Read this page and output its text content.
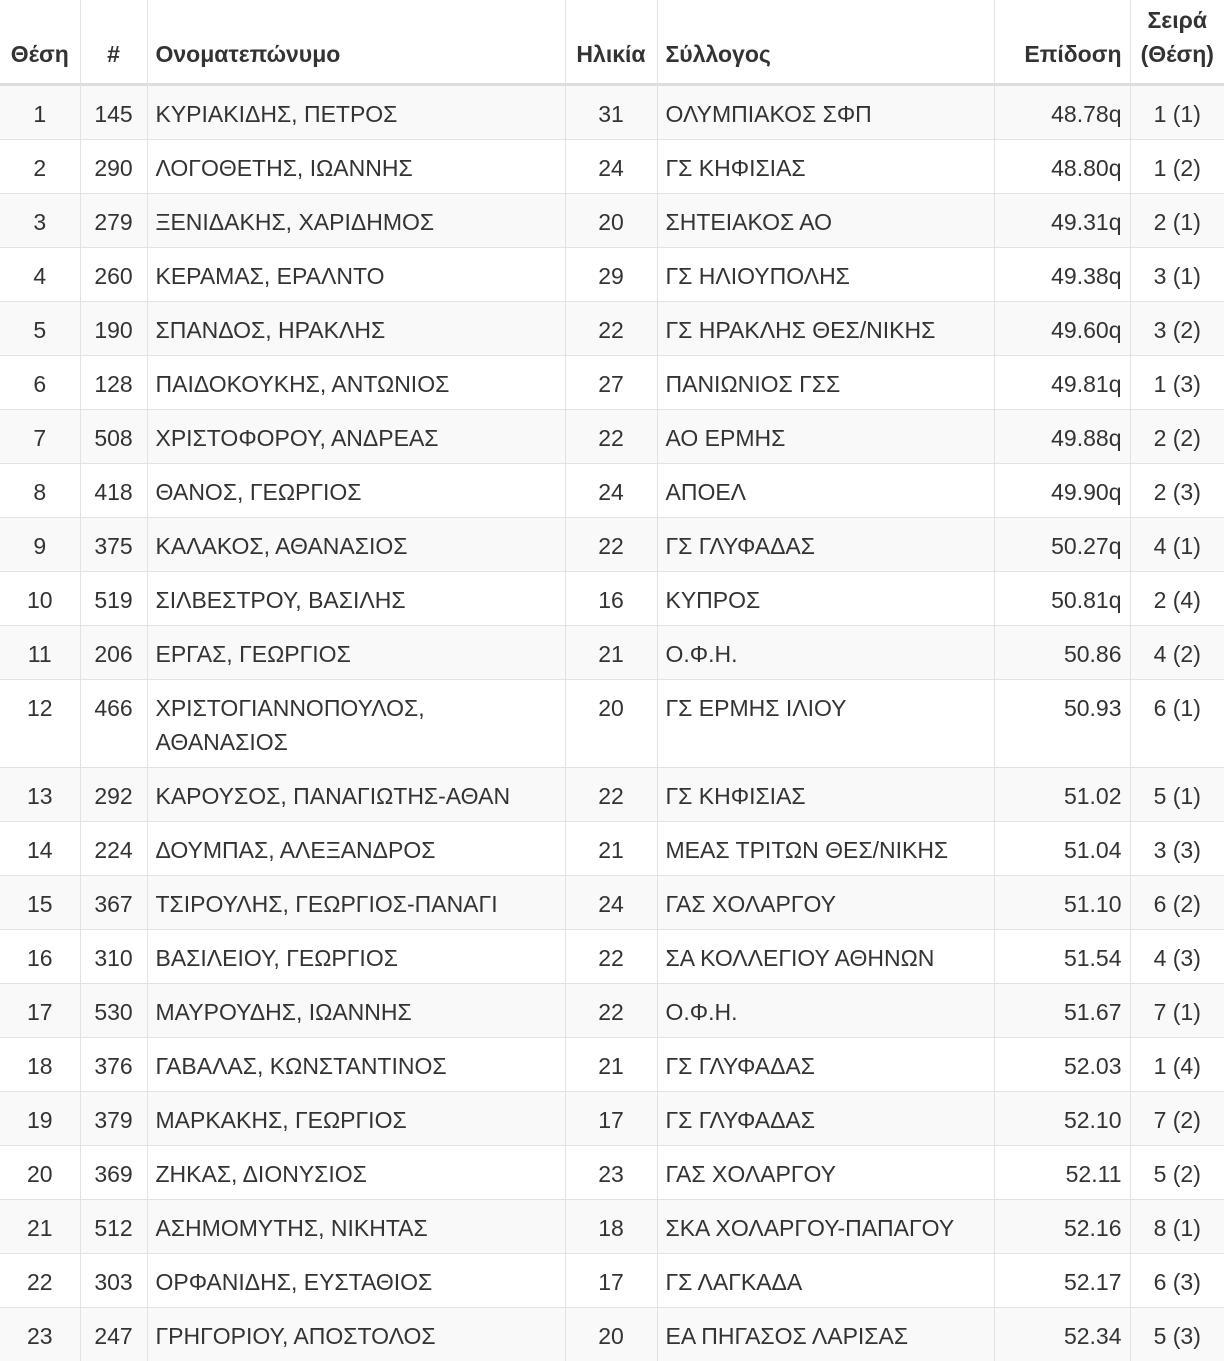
Θέση	#	Ονοματεπώνυμο	Ηλικία	Σύλλογος	Επίδοση	Σειρά
(Θέση)
1	145	ΚΥΡΙΑΚΙΔΗΣ, ΠΕΤΡΟΣ	31	ΟΛΥΜΠΙΑΚΟΣ ΣΦΠ	48.78q	1 (1)
2	290	ΛΟΓΟΘΕΤΗΣ, ΙΩΑΝΝΗΣ	24	ΓΣ ΚΗΦΙΣΙΑΣ	48.80q	1 (2)
3	279	ΞΕΝΙΔΑΚΗΣ, ΧΑΡΙΔΗΜΟΣ	20	ΣΗΤΕΙΑΚΟΣ ΑΟ	49.31q	2 (1)
4	260	ΚΕΡΑΜΑΣ, ΕΡΑΛΝΤΟ	29	ΓΣ ΗΛΙΟΥΠΟΛΗΣ	49.38q	3 (1)
5	190	ΣΠΑΝΔΟΣ, ΗΡΑΚΛΗΣ	22	ΓΣ ΗΡΑΚΛΗΣ ΘΕΣ/ΝΙΚΗΣ	49.60q	3 (2)
6	128	ΠΑΙΔΟΚΟΥΚΗΣ, ΑΝΤΩΝΙΟΣ	27	ΠΑΝΙΩΝΙΟΣ ΓΣΣ	49.81q	1 (3)
7	508	ΧΡΙΣΤΟΦΟΡΟΥ, ΑΝΔΡΕΑΣ	22	ΑΟ ΕΡΜΗΣ	49.88q	2 (2)
8	418	ΘΑΝΟΣ, ΓΕΩΡΓΙΟΣ	24	ΑΠΟΕΛ	49.90q	2 (3)
9	375	ΚΑΛΑΚΟΣ, ΑΘΑΝΑΣΙΟΣ	22	ΓΣ ΓΛΥΦΑΔΑΣ	50.27q	4 (1)
10	519	ΣΙΛΒΕΣΤΡΟΥ, ΒΑΣΙΛΗΣ	16	ΚΥΠΡΟΣ	50.81q	2 (4)
11	206	ΕΡΓΑΣ, ΓΕΩΡΓΙΟΣ	21	Ο.Φ.Η.	50.86	4 (2)
12	466	ΧΡΙΣΤΟΓΙΑΝΝΟΠΟΥΛΟΣ, ΑΘΑΝΑΣΙΟΣ	20	ΓΣ ΕΡΜΗΣ ΙΛΙΟΥ	50.93	6 (1)
13	292	ΚΑΡΟΥΣΟΣ, ΠΑΝΑΓΙΩΤΗΣ-ΑΘΑΝ	22	ΓΣ ΚΗΦΙΣΙΑΣ	51.02	5 (1)
14	224	ΔΟΥΜΠΑΣ, ΑΛΕΞΑΝΔΡΟΣ	21	ΜΕΑΣ ΤΡΙΤΩΝ ΘΕΣ/ΝΙΚΗΣ	51.04	3 (3)
15	367	ΤΣΙΡΟΥΛΗΣ, ΓΕΩΡΓΙΟΣ-ΠΑΝΑΓΙ	24	ΓΑΣ ΧΟΛΑΡΓΟΥ	51.10	6 (2)
16	310	ΒΑΣΙΛΕΙΟΥ, ΓΕΩΡΓΙΟΣ	22	ΣΑ ΚΟΛΛΕΓΙΟΥ ΑΘΗΝΩΝ	51.54	4 (3)
17	530	ΜΑΥΡΟΥΔΗΣ, ΙΩΑΝΝΗΣ	22	Ο.Φ.Η.	51.67	7 (1)
18	376	ΓΑΒΑΛΑΣ, ΚΩΝΣΤΑΝΤΙΝΟΣ	21	ΓΣ ΓΛΥΦΑΔΑΣ	52.03	1 (4)
19	379	ΜΑΡΚΑΚΗΣ, ΓΕΩΡΓΙΟΣ	17	ΓΣ ΓΛΥΦΑΔΑΣ	52.10	7 (2)
20	369	ΖΗΚΑΣ, ΔΙΟΝΥΣΙΟΣ	23	ΓΑΣ ΧΟΛΑΡΓΟΥ	52.11	5 (2)
21	512	ΑΣΗΜΟΜΥΤΗΣ, ΝΙΚΗΤΑΣ	18	ΣΚΑ ΧΟΛΑΡΓΟΥ-ΠΑΠΑΓΟΥ	52.16	8 (1)
22	303	ΟΡΦΑΝΙΔΗΣ, ΕΥΣΤΑΘΙΟΣ	17	ΓΣ ΛΑΓΚΑΔΑ	52.17	6 (3)
23	247	ΓΡΗΓΟΡΙΟΥ, ΑΠΟΣΤΟΛΟΣ	20	ΕΑ ΠΗΓΑΣΟΣ ΛΑΡΙΣΑΣ	52.34	5 (3)
